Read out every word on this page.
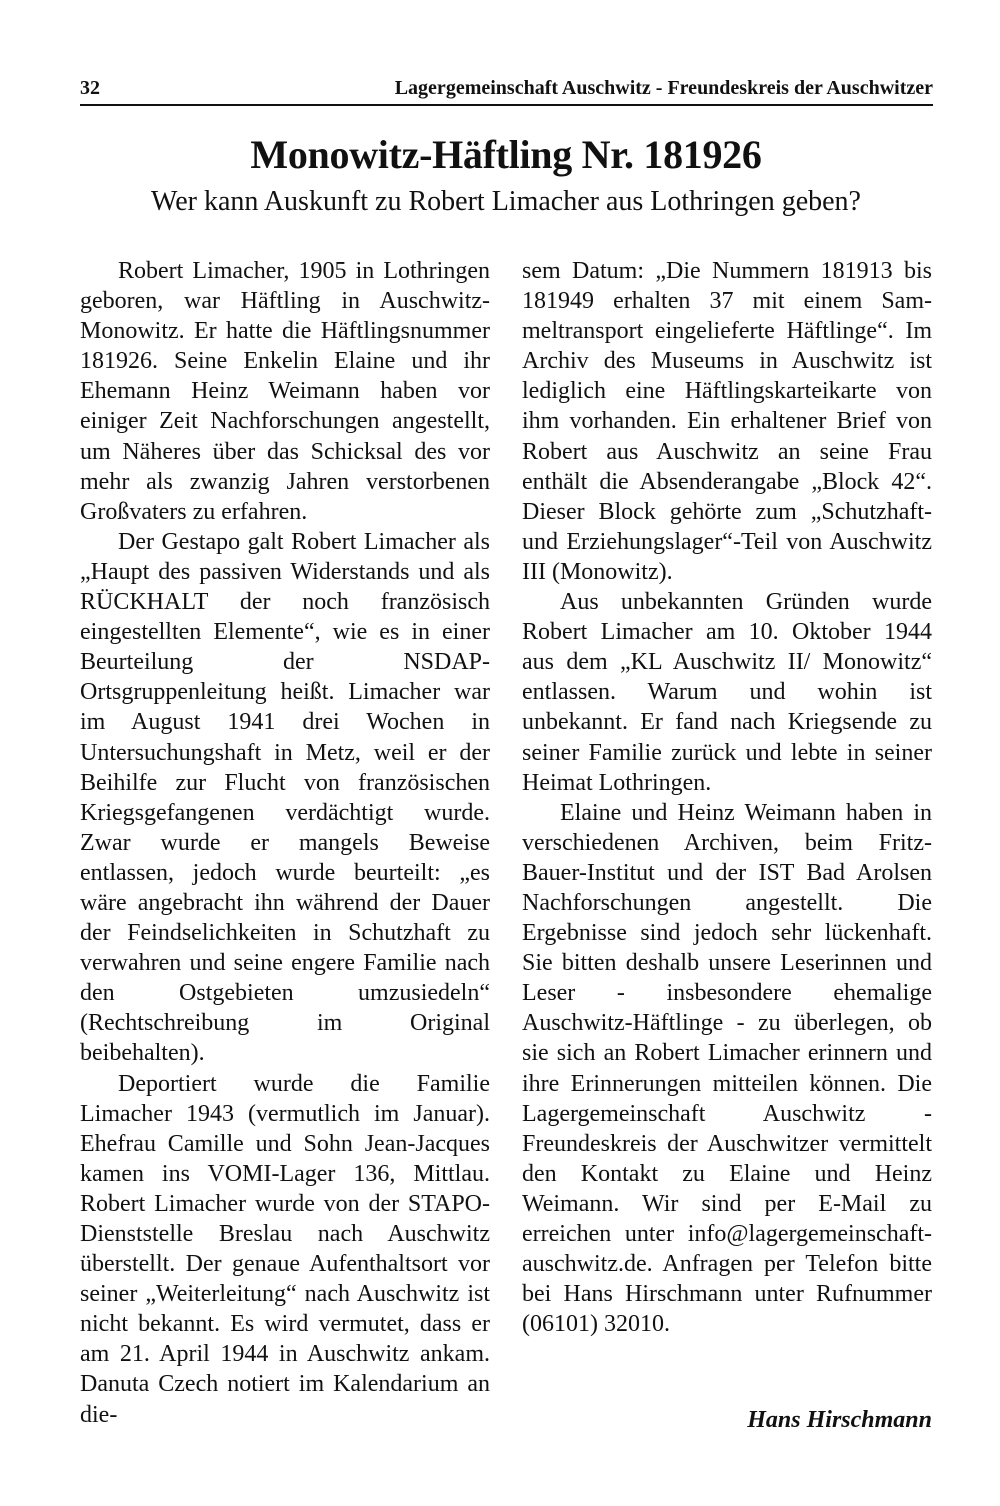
32	Lagergemeinschaft Auschwitz - Freundeskreis der Auschwitzer
Monowitz-Häftling Nr. 181926
Wer kann Auskunft zu Robert Limacher aus Lothringen geben?

Robert Limacher, 1905 in Lothringen geboren, war Häftling in Auschwitz-Monowitz. Er hatte die Häftlingsnummer 181926. Seine Enkelin Elaine und ihr Ehemann Heinz Weimann haben vor einiger Zeit Nachforschungen angestellt, um Näheres über das Schicksal des vor mehr als zwanzig Jahren verstorbenen Großvaters zu erfahren.

Der Gestapo galt Robert Limacher als „Haupt des passiven Widerstands und als RÜCKHALT der noch französisch eingestellten Elemente“, wie es in einer Beurteilung der NSDAP-Ortsgruppenleitung heißt. Limacher war im August 1941 drei Wochen in Untersuchungshaft in Metz, weil er der Beihilfe zur Flucht von französischen Kriegsgefangenen verdächtigt wurde. Zwar wurde er mangels Beweise entlassen, jedoch wurde beurteilt: „es wäre angebracht ihn während der Dauer der Feindselichkeiten in Schutzhaft zu verwahren und seine engere Familie nach den Ostgebieten umzusiedeln“ (Rechtschreibung im Original beibehalten).

Deportiert wurde die Familie Limacher 1943 (vermutlich im Januar). Ehefrau Camille und Sohn Jean-Jacques kamen ins VOMI-Lager 136, Mittlau. Robert Limacher wurde von der STAPO-Dienststelle Breslau nach Auschwitz überstellt. Der genaue Aufenthaltsort vor seiner „Weiterleitung“ nach Auschwitz ist nicht bekannt. Es wird vermutet, dass er am 21. April 1944 in Auschwitz ankam. Danuta Czech notiert im Kalendarium an die-

sem Datum: „Die Nummern 181913 bis 181949 erhalten 37 mit einem Sammeltransport eingelieferte Häftlinge“. Im Archiv des Museums in Auschwitz ist lediglich eine Häftlingskarteikarte von ihm vorhanden. Ein erhaltener Brief von Robert aus Auschwitz an seine Frau enthält die Absenderangabe „Block 42“. Dieser Block gehörte zum „Schutzhaft- und Erziehungslager“-Teil von Auschwitz III (Monowitz).

Aus unbekannten Gründen wurde Robert Limacher am 10. Oktober 1944 aus dem „KL Auschwitz II/ Monowitz“ entlassen. Warum und wohin ist unbekannt. Er fand nach Kriegsende zu seiner Familie zurück und lebte in seiner Heimat Lothringen.

Elaine und Heinz Weimann haben in verschiedenen Archiven, beim Fritz-Bauer-Institut und der IST Bad Arolsen Nachforschungen angestellt. Die Ergebnisse sind jedoch sehr lückenhaft. Sie bitten deshalb unsere Leserinnen und Leser - insbesondere ehemalige Auschwitz-Häftlinge - zu überlegen, ob sie sich an Robert Limacher erinnern und ihre Erinnerungen mitteilen können. Die Lagergemeinschaft Auschwitz - Freundeskreis der Auschwitzer vermittelt den Kontakt zu Elaine und Heinz Weimann. Wir sind per E-Mail zu erreichen unter info@lagergemeinschaft-auschwitz.​de. Anfragen per Telefon bitte bei Hans Hirschmann unter Rufnummer (06101) 32010.

Hans Hirschmann
